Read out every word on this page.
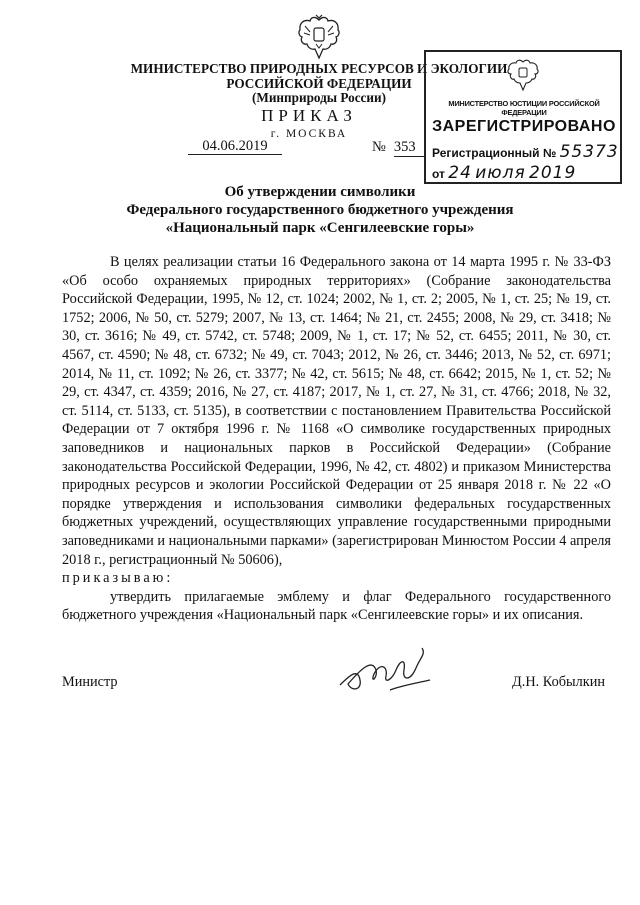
МИНИСТЕРСТВО ПРИРОДНЫХ РЕСУРСОВ И ЭКОЛОГИИ
РОССИЙСКОЙ ФЕДЕРАЦИИ
(Минприроды России)
ПРИКАЗ
г. МОСКВА
04.06.2019	№ 353
МИНИСТЕРСТВО ЮСТИЦИИ РОССИЙСКОЙ ФЕДЕРАЦИИ
ЗАРЕГИСТРИРОВАНО
Регистрационный № 55373
от 24 июля 2019
Об утверждении символики
Федерального государственного бюджетного учреждения
«Национальный парк «Сенгилеевские горы»

В целях реализации статьи 16 Федерального закона от 14 марта 1995 г. № 33-ФЗ «Об особо охраняемых природных территориях» (Собрание законодательства Российской Федерации, 1995, № 12, ст. 1024; 2002, № 1, ст. 2; 2005, № 1, ст. 25; № 19, ст. 1752; 2006, № 50, ст. 5279; 2007, № 13, ст. 1464; № 21, ст. 2455; 2008, № 29, ст. 3418; № 30, ст. 3616; № 49, ст. 5742, ст. 5748; 2009, № 1, ст. 17; № 52, ст. 6455; 2011, № 30, ст. 4567, ст. 4590; № 48, ст. 6732; № 49, ст. 7043; 2012, № 26, ст. 3446; 2013, № 52, ст. 6971; 2014, № 11, ст. 1092; № 26, ст. 3377; № 42, ст. 5615; № 48, ст. 6642; 2015, № 1, ст. 52; № 29, ст. 4347, ст. 4359; 2016, № 27, ст. 4187; 2017, № 1, ст. 27, № 31, ст. 4766; 2018, № 32, ст. 5114, ст. 5133, ст. 5135), в соответствии с постановлением Правительства Российской Федерации от 7 октября 1996 г. № 1168 «О символике государственных природных заповедников и национальных парков в Российской Федерации» (Собрание законодательства Российской Федерации, 1996, № 42, ст. 4802) и приказом Министерства природных ресурсов и экологии Российской Федерации от 25 января 2018 г. № 22 «О порядке утверждения и использования символики федеральных государственных бюджетных учреждений, осуществляющих управление государственными природными заповедниками и национальными парками» (зарегистрирован Минюстом России 4 апреля 2018 г., регистрационный № 50606),

приказываю:

утвердить прилагаемые эмблему и флаг Федерального государственного бюджетного учреждения «Национальный парк «Сенгилеевские горы» и их описания.

Министр	Д.Н. Кобылкин
